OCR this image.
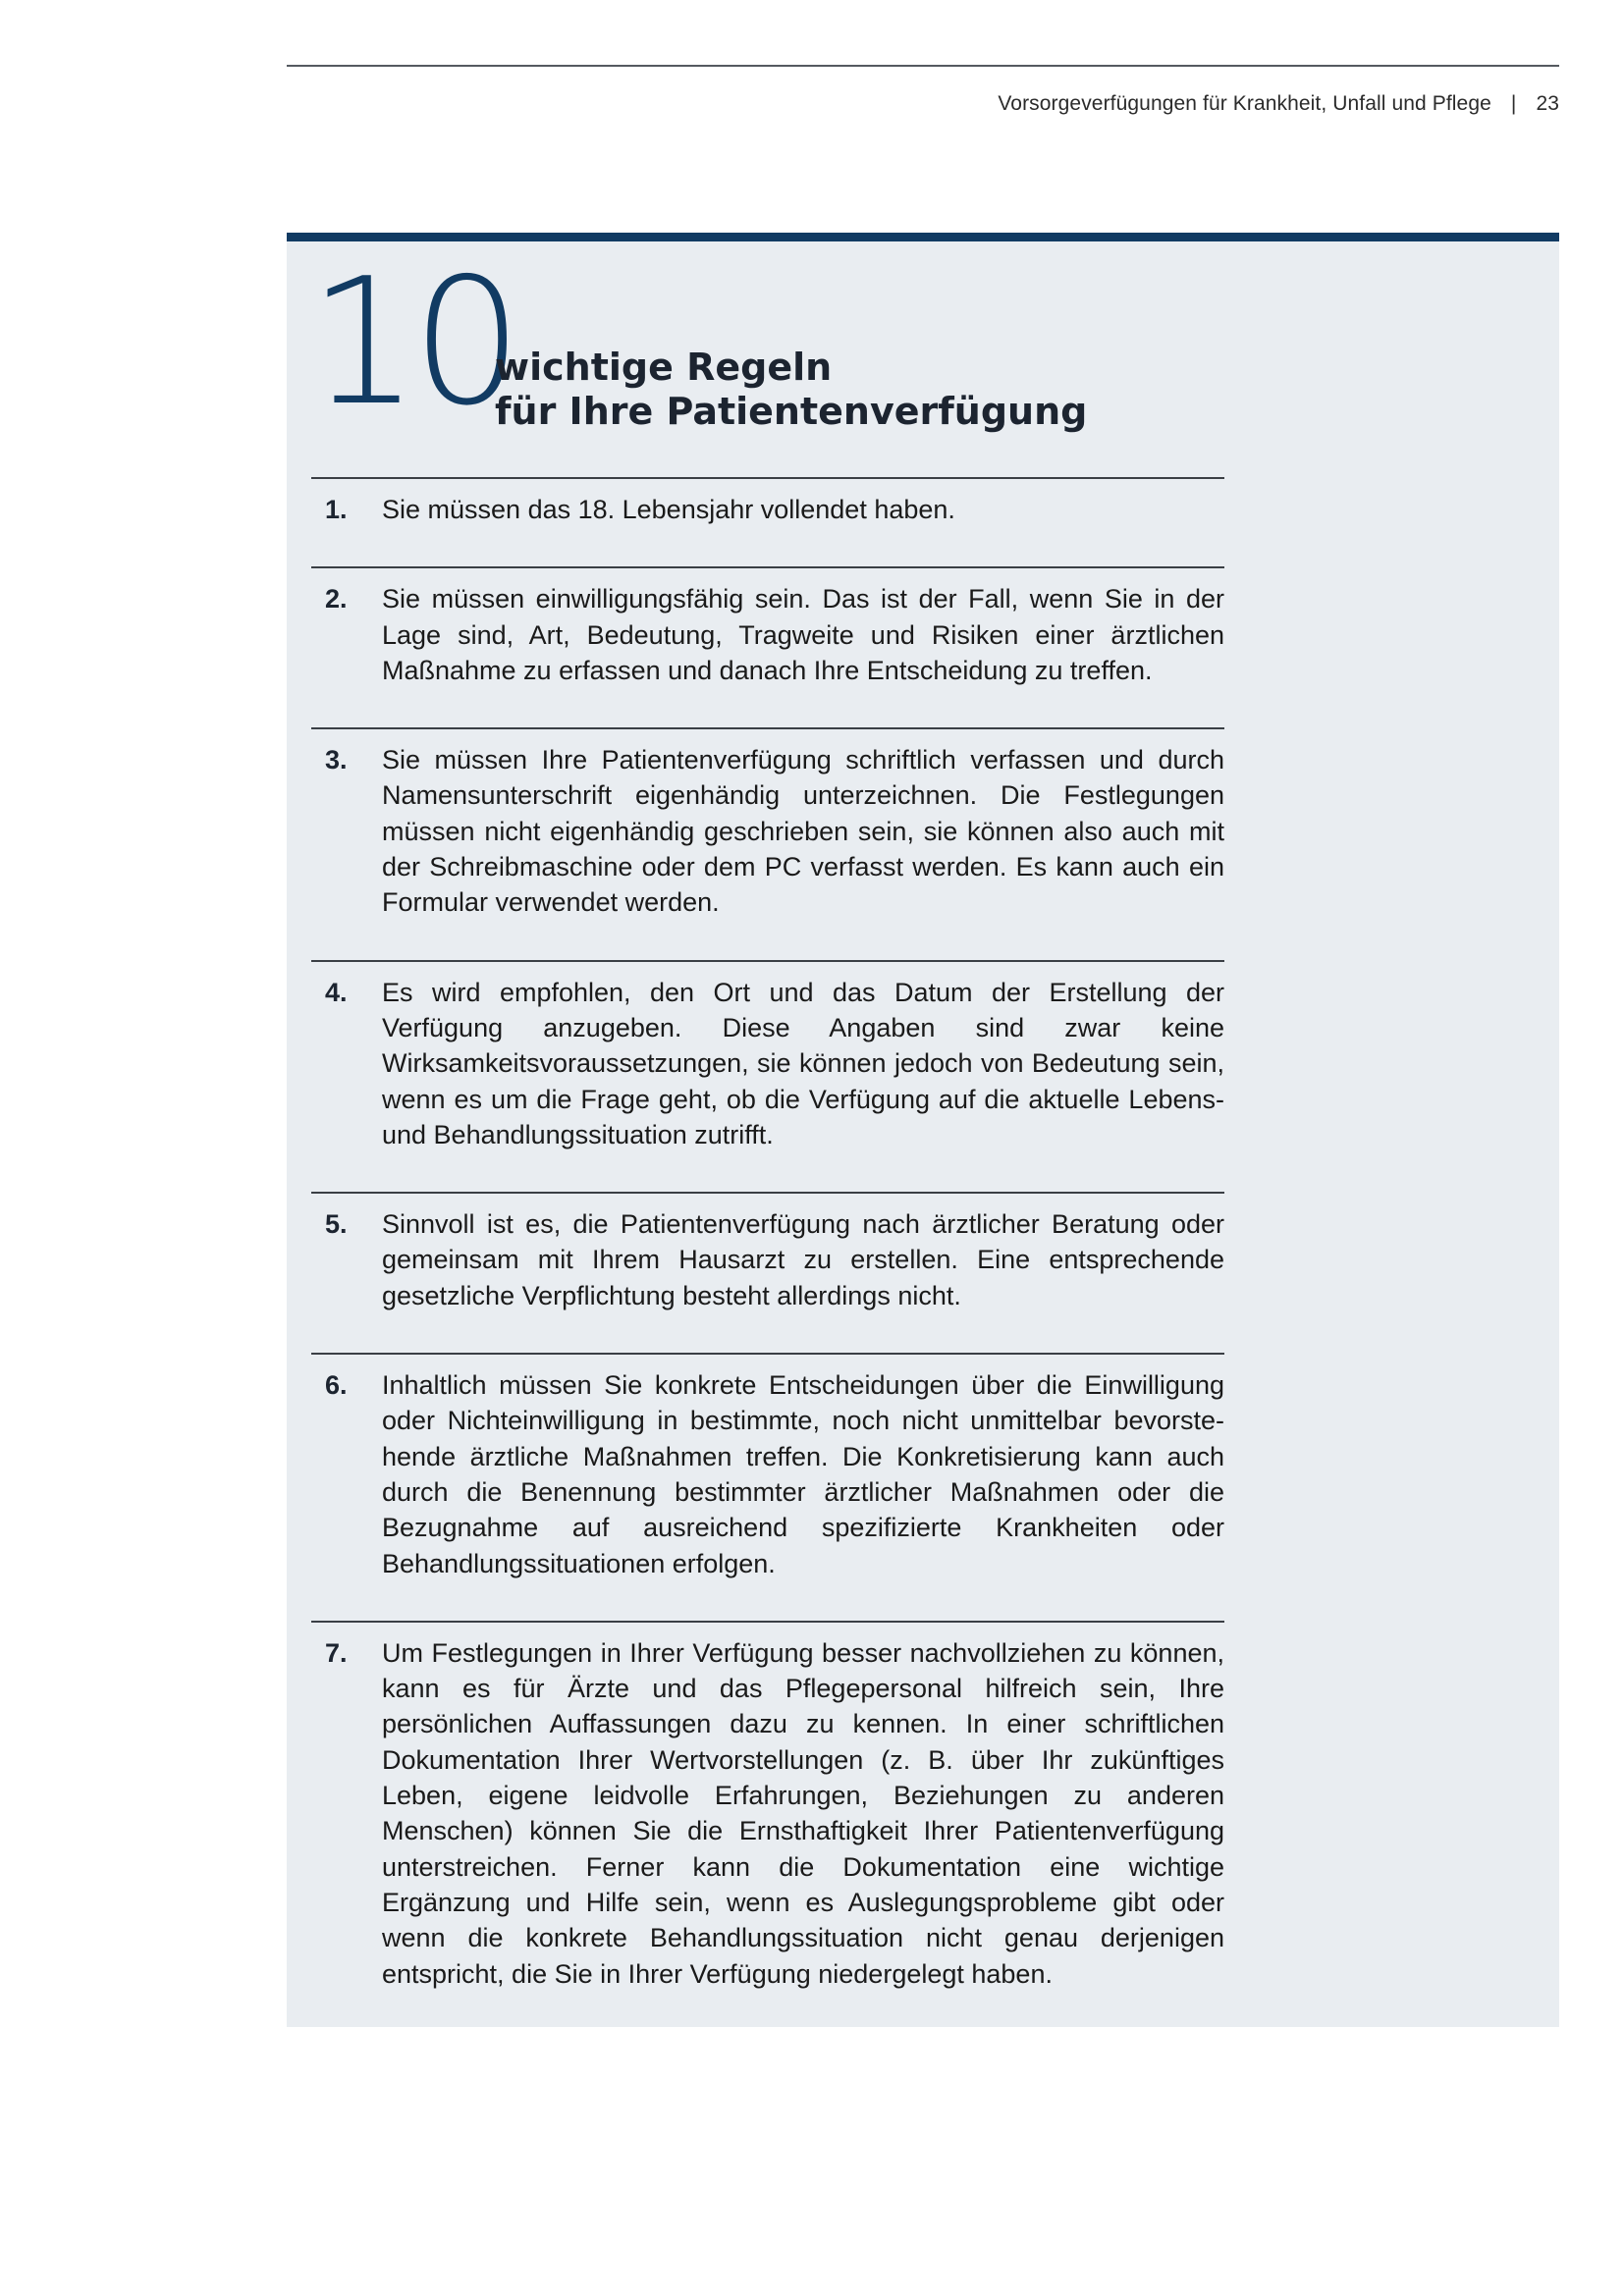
Vorsorgeverfügungen für Krankheit, Unfall und Pflege | 23
10
wichtige Regeln
für Ihre Patientenverfügung
1.	Sie müssen das 18. Lebensjahr vollendet haben.
2.	Sie müssen einwilligungsfähig sein. Das ist der Fall, wenn Sie in der Lage sind, Art, Bedeutung, Tragweite und Risiken einer ärztlichen Maßnahme zu erfassen und danach Ihre Entscheidung zu treffen.
3.	Sie müssen Ihre Patientenverfügung schriftlich verfassen und durch Namensunterschrift eigenhändig unterzeichnen. Die Festlegungen müssen nicht eigenhändig geschrieben sein, sie können also auch mit der Schreibmaschine oder dem PC verfasst werden. Es kann auch ein Formular verwendet werden.
4.	Es wird empfohlen, den Ort und das Datum der Erstellung der Verfügung anzugeben. Diese Angaben sind zwar keine Wirksamkeitsvoraussetzungen, sie können jedoch von Bedeutung sein, wenn es um die Frage geht, ob die Verfügung auf die aktuelle Lebens- und Behandlungssituation zutrifft.
5.	Sinnvoll ist es, die Patientenverfügung nach ärztlicher Beratung oder gemeinsam mit Ihrem Hausarzt zu erstellen. Eine entsprechende gesetzliche Verpflichtung besteht allerdings nicht.
6.	Inhaltlich müssen Sie konkrete Entscheidungen über die Einwilligung oder Nichteinwilligung in bestimmte, noch nicht unmittelbar bevorstehende ärztliche Maßnahmen treffen. Die Konkretisierung kann auch durch die Benennung bestimmter ärztlicher Maßnahmen oder die Bezugnahme auf ausreichend spezifizierte Krankheiten oder Behandlungssituationen erfolgen.
7.	Um Festlegungen in Ihrer Verfügung besser nachvollziehen zu können, kann es für Ärzte und das Pflegepersonal hilfreich sein, Ihre persönlichen Auffassungen dazu zu kennen. In einer schriftlichen Dokumentation Ihrer Wertvorstellungen (z. B. über Ihr zukünftiges Leben, eigene leidvolle Erfahrungen, Beziehungen zu anderen Menschen) können Sie die Ernsthaftigkeit Ihrer Patientenverfügung unterstreichen. Ferner kann die Dokumentation eine wichtige Ergänzung und Hilfe sein, wenn es Auslegungsprobleme gibt oder wenn die konkrete Behandlungssituation nicht genau derjenigen entspricht, die Sie in Ihrer Verfügung niedergelegt haben.
